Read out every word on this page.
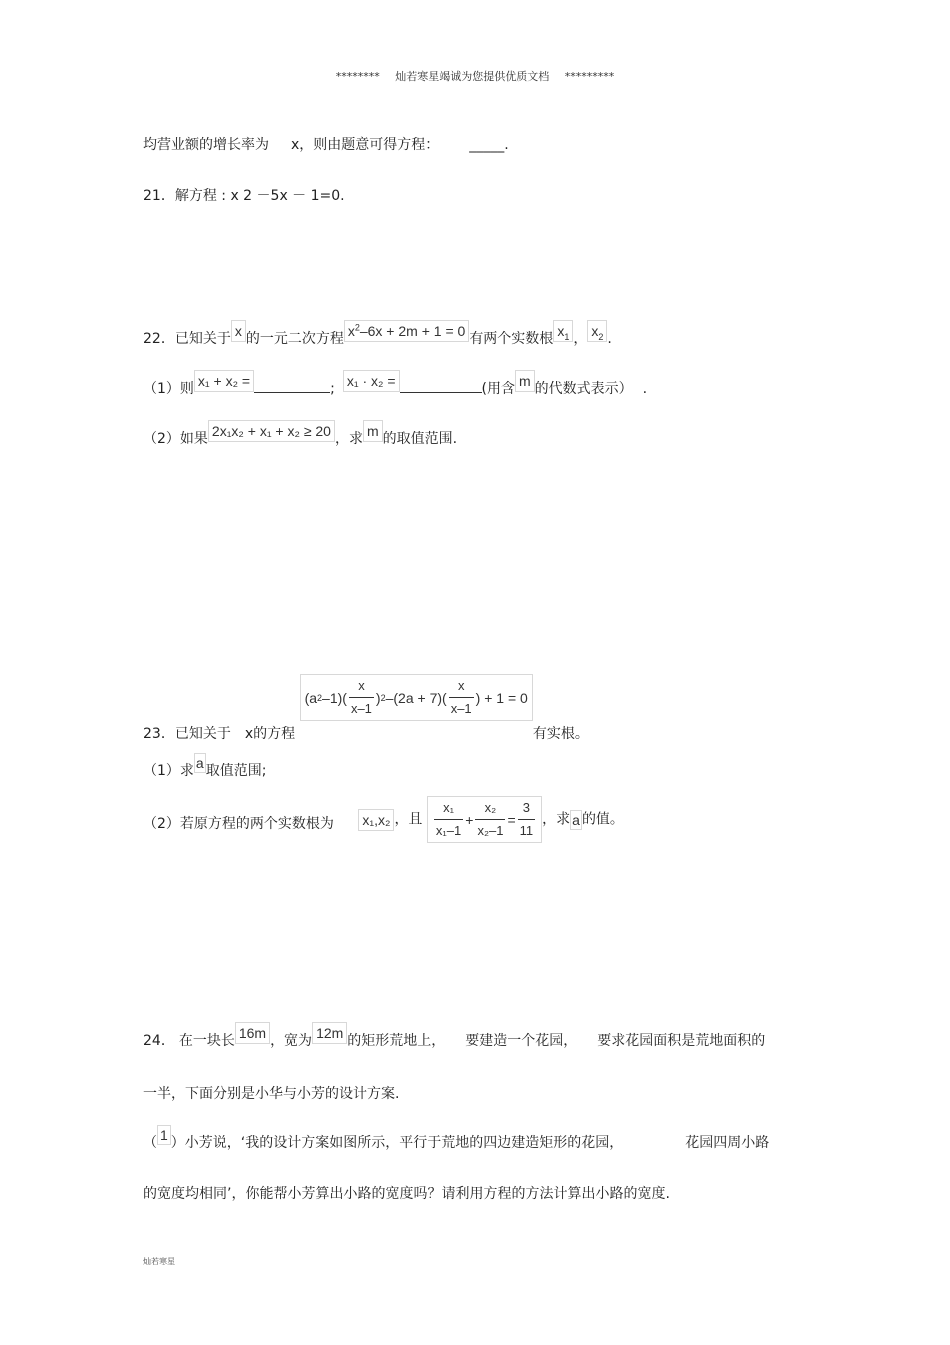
******** 灿若寒星竭诚为您提供优质文档 *********
均营业额的增长率为 x，则由题意可得方程： _____.
21．解方程 : x 2 －5x － 1=0.
22．已知关于 x 的一元二次方程 $x^2-6x + 2m + 1 = 0$ 有两个实数根 $x_1$ ， $x_2$ .
（1）则 x₁ + x₂ =	; x₁ · x₂ =	(用含 m 的代数式表示） .
（2）如果 2x₁x₂ + x₁ + x₂ ≥ 20 ，求 m 的取值范围.
23．已知关于 x的方程
(a 2 $-1)( \frac{x}{x-1}$ ) 2 $-(2a + 7)( \frac{x}{x-1}$ ) + 1 = 0
有实根。
（1）求 a 取值范围;
（2）若原方程的两个实数根为 x₁,x₂ ，且 $\frac{\text{x₁}}{\text{x₁–1}} + \frac{\text{x₂}}{\text{x₂–1}} = \frac{3}{11}$ ，求 a 的值。
24． 在一块长 16m ，宽为 12m 的矩形荒地上， 要建造一个花园， 要求花园面积是荒地面积的
一半，下面分别是小华与小芳的设计方案.
（ 1 ）小芳说，‘我的设计方案如图所示，平行于荒地的四边建造矩形的花园，	花园四周小路
的宽度均相同’，你能帮小芳算出小路的宽度吗？请利用方程的方法计算出小路的宽度.
灿若寒星
